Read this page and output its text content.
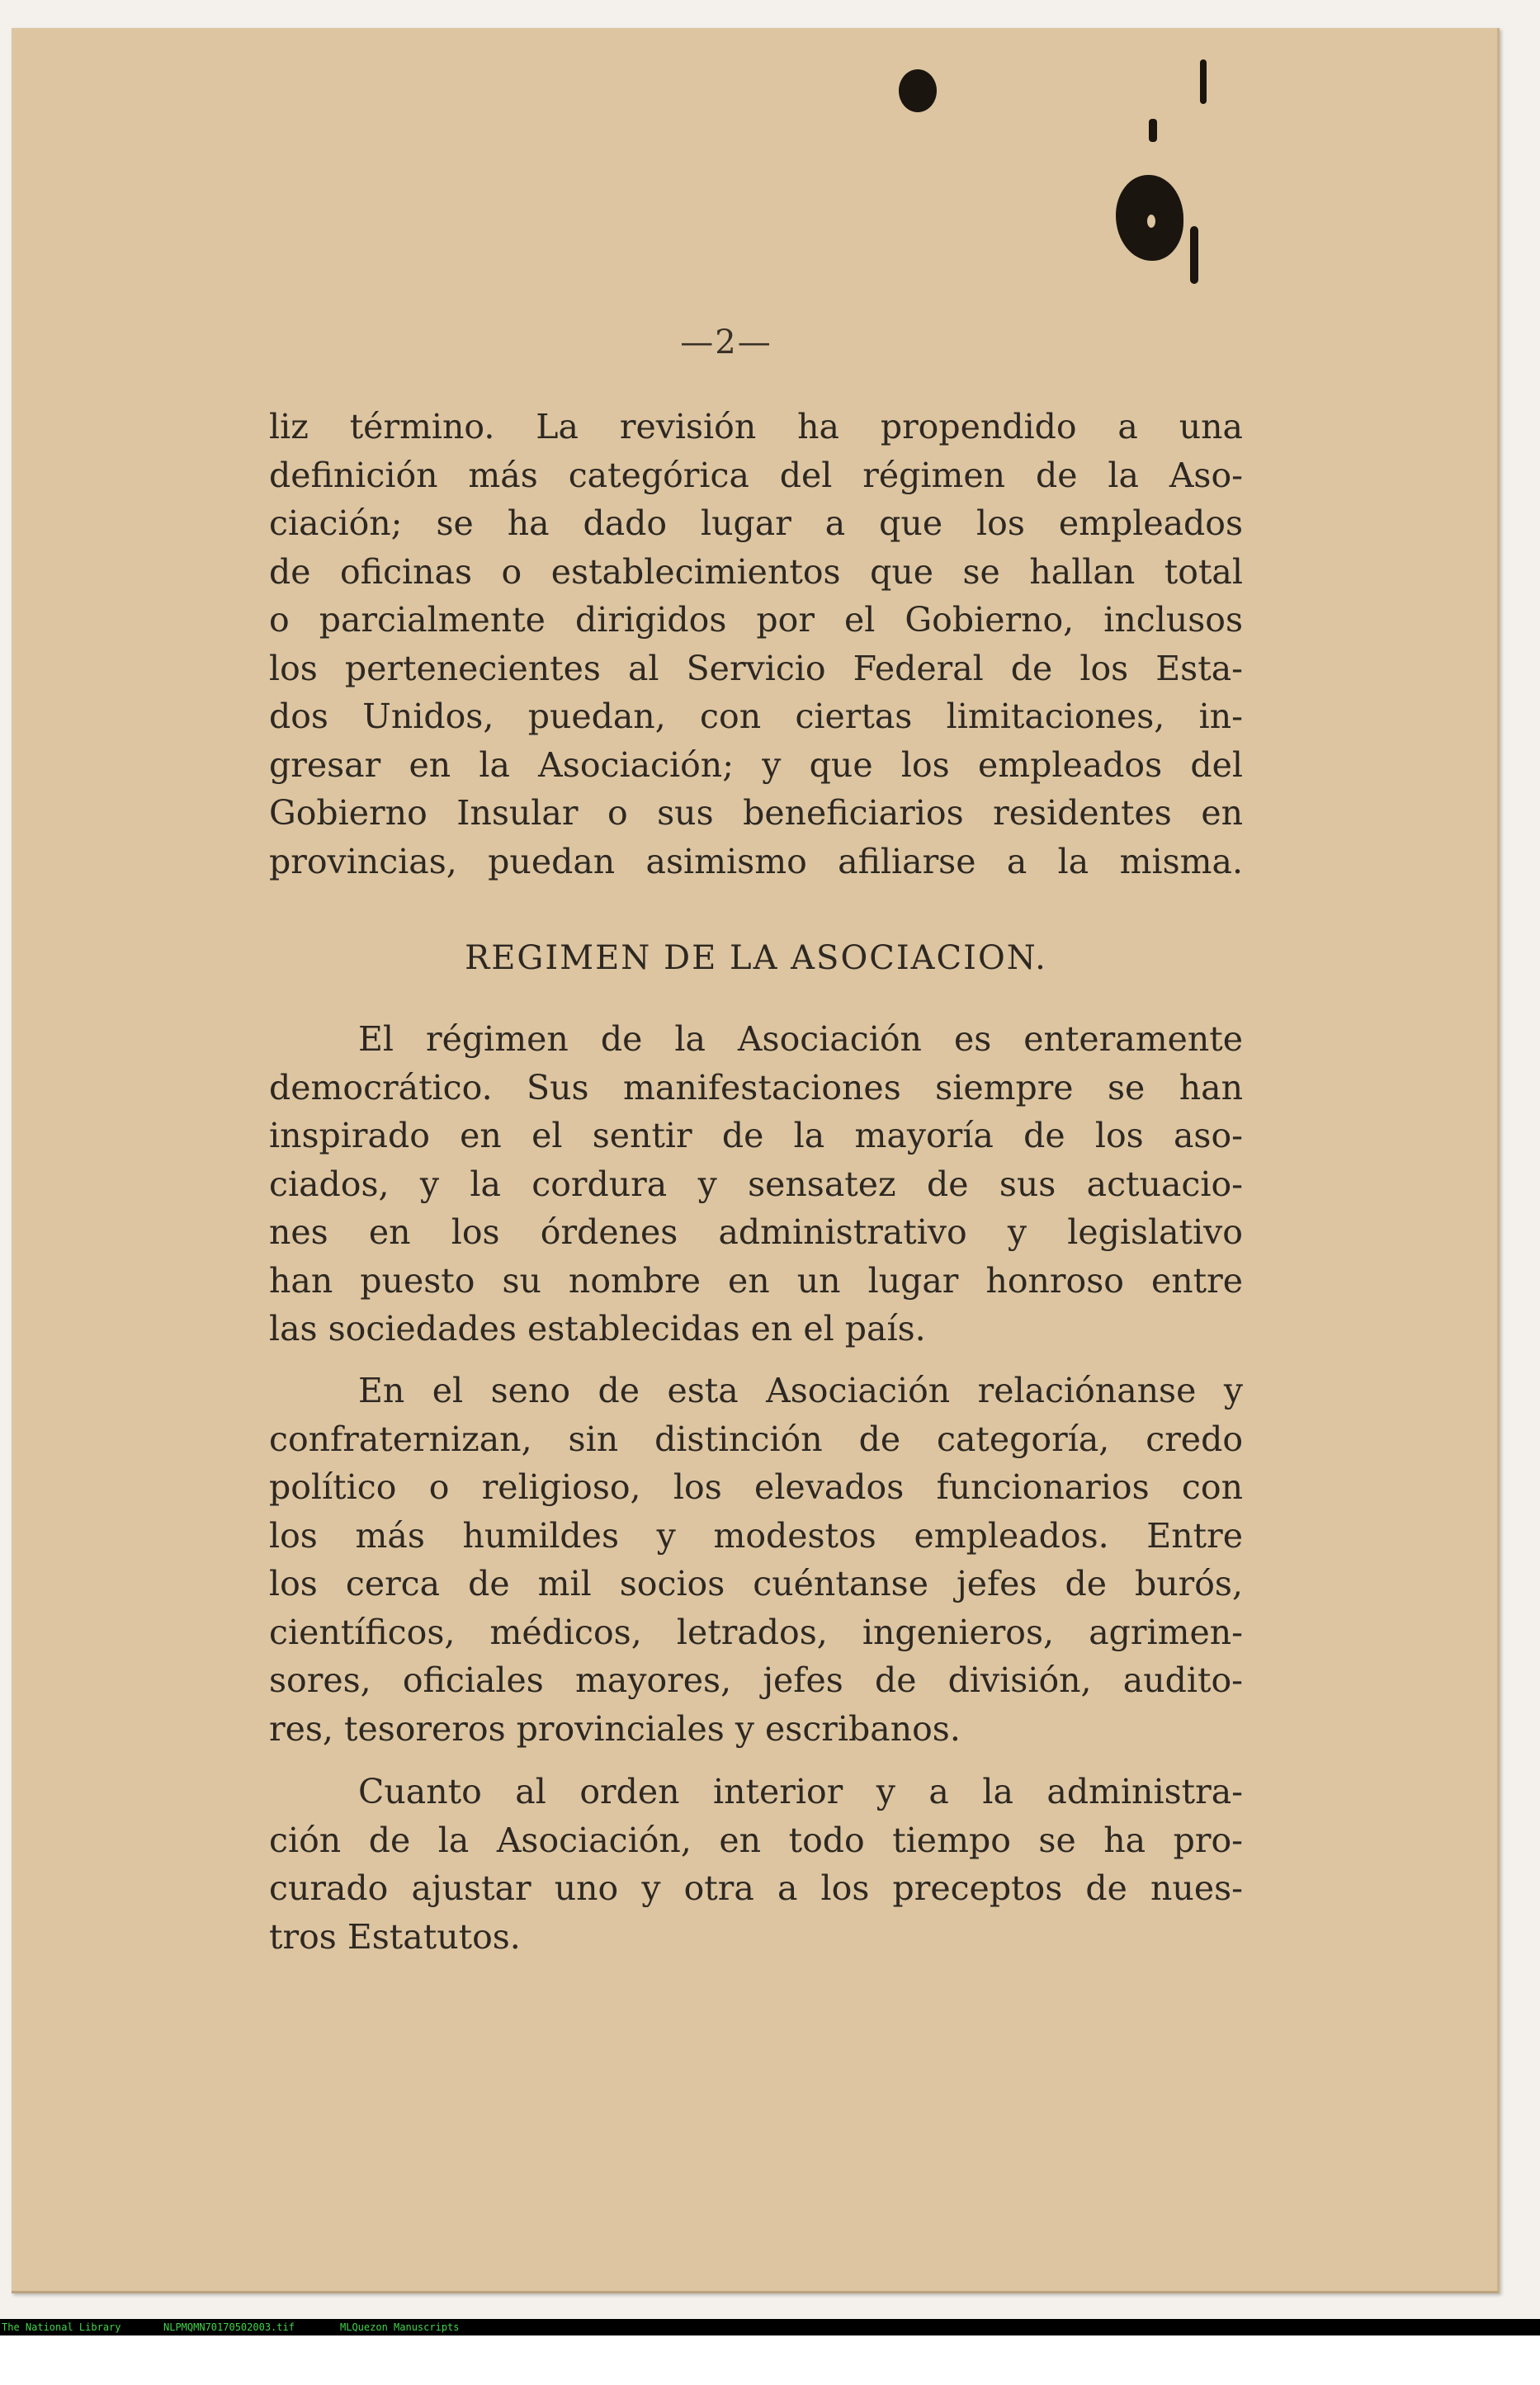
—2—
liz término. La revisión ha propendido a una
definición más categórica del régimen de la Aso-
ciación; se ha dado lugar a que los empleados
de oficinas o establecimientos que se hallan total
o parcialmente dirigidos por el Gobierno, inclusos
los pertenecientes al Servicio Federal de los Esta-
dos Unidos, puedan, con ciertas limitaciones, in-
gresar en la Asociación; y que los empleados del
Gobierno Insular o sus beneficiarios residentes en
provincias, puedan asimismo afiliarse a la misma.
REGIMEN DE LA ASOCIACION.
El régimen de la Asociación es enteramente
democrático. Sus manifestaciones siempre se han
inspirado en el sentir de la mayoría de los aso-
ciados, y la cordura y sensatez de sus actuacio-
nes en los órdenes administrativo y legislativo
han puesto su nombre en un lugar honroso entre
las sociedades establecidas en el país.
En el seno de esta Asociación relaciónanse y
confraternizan, sin distinción de categoría, credo
político o religioso, los elevados funcionarios con
los más humildes y modestos empleados. Entre
los cerca de mil socios cuéntanse jefes de burós,
científicos, médicos, letrados, ingenieros, agrimen-
sores, oficiales mayores, jefes de división, audito-
res, tesoreros provinciales y escribanos.
Cuanto al orden interior y a la administra-
ción de la Asociación, en todo tiempo se ha pro-
curado ajustar uno y otra a los preceptos de nues-
tros Estatutos.

The National Library

	NLPMQMN70170502003.tif

	MLQuezon Manuscripts
